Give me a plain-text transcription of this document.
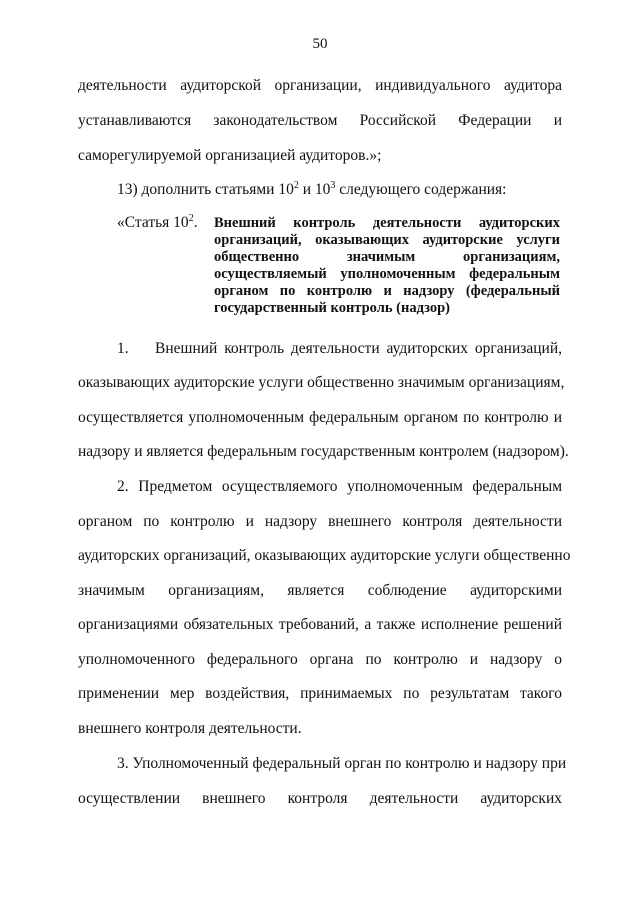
50
деятельности аудиторской организации, индивидуального аудитора
устанавливаются законодательством Российской Федерации и
саморегулируемой организацией аудиторов.»;
13) дополнить статьями $10^2$ и $10^3$ следующего содержания:
«Статья $10^2$. Внешний контроль деятельности аудиторских
организаций, оказывающих аудиторские услуги
общественно значимым организациям,
осуществляемый уполномоченным федеральным
органом по контролю и надзору (федеральный
государственный контроль (надзор)
1. Внешний контроль деятельности аудиторских организаций,
оказывающих аудиторские услуги общественно значимым организациям,
осуществляется уполномоченным федеральным органом по контролю и
надзору и является федеральным государственным контролем (надзором).
2. Предметом осуществляемого уполномоченным федеральным
органом по контролю и надзору внешнего контроля деятельности
аудиторских организаций, оказывающих аудиторские услуги общественно
значимым организациям, является соблюдение аудиторскими
организациями обязательных требований, а также исполнение решений
уполномоченного федерального органа по контролю и надзору о
применении мер воздействия, принимаемых по результатам такого
внешнего контроля деятельности.
3. Уполномоченный федеральный орган по контролю и надзору при
осуществлении внешнего контроля деятельности аудиторских
